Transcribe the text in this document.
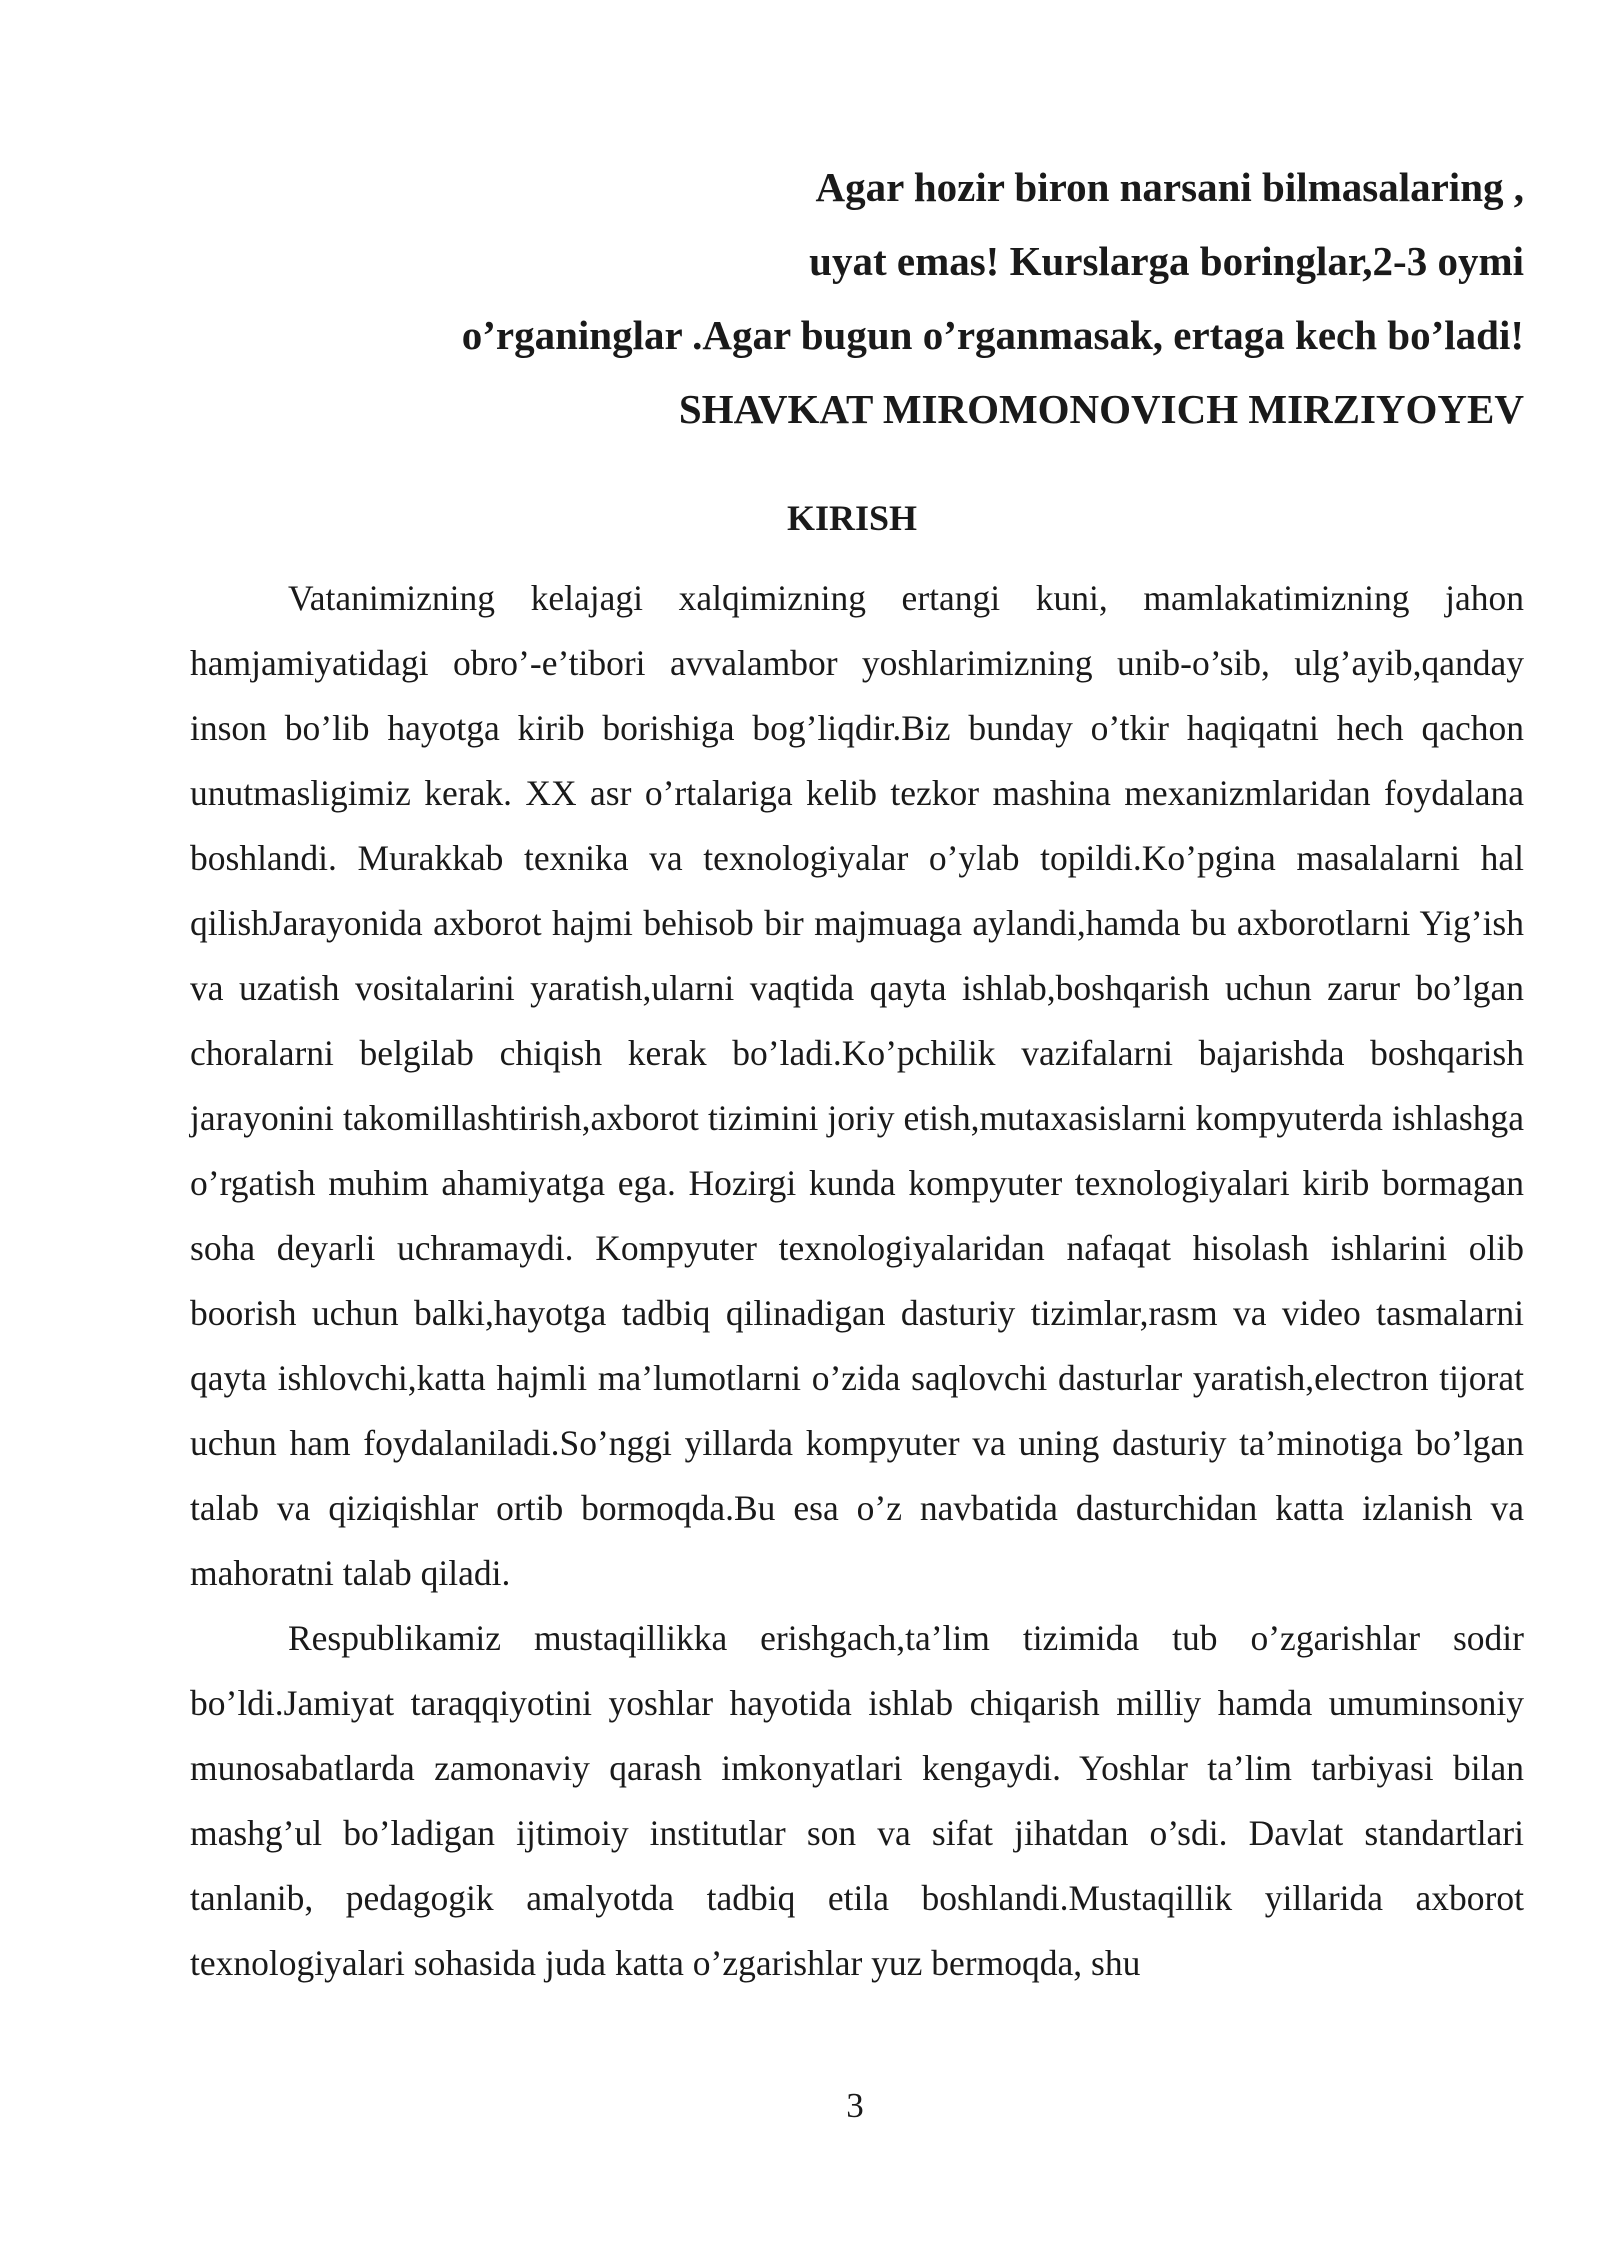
Agar hozir biron narsani bilmasalaring ,
uyat emas! Kurslarga boringlar,2-3 oymi
o’rganinglar .Agar bugun o’rganmasak, ertaga kech bo’ladi!
SHAVKAT MIROMONOVICH MIRZIYOYEV
KIRISH

Vatanimizning kelajagi xalqimizning ertangi kuni, mamlakatimizning jahon hamjamiyatidagi obro’-e’tibori avvalambor yoshlarimizning unib-o’sib, ulg’ayib,qanday inson bo’lib hayotga kirib borishiga bog’liqdir.Biz bunday o’tkir haqiqatni hech qachon unutmasligimiz kerak. XX asr o’rtalariga kelib tezkor mashina mexanizmlaridan foydalana boshlandi. Murakkab texnika va texnologiyalar o’ylab topildi.Ko’pgina masalalarni hal qilishJarayonida axborot hajmi behisob bir majmuaga aylandi,hamda bu axborotlarni Yig’ish va uzatish vositalarini yaratish,ularni vaqtida qayta ishlab,boshqarish uchun zarur bo’lgan choralarni belgilab chiqish kerak bo’ladi.Ko’pchilik vazifalarni bajarishda boshqarish jarayonini takomillashtirish,axborot tizimini joriy etish,mutaxasislarni kompyuterda ishlashga o’rgatish muhim ahamiyatga ega. Hozirgi kunda kompyuter texnologiyalari kirib bormagan soha deyarli uchramaydi. Kompyuter texnologiyalaridan nafaqat hisolash ishlarini olib boorish uchun balki,hayotga tadbiq qilinadigan dasturiy tizimlar,rasm va video tasmalarni qayta ishlovchi,katta hajmli ma’lumotlarni o’zida saqlovchi dasturlar yaratish,electron tijorat uchun ham foydalaniladi.So’nggi yillarda kompyuter va uning dasturiy ta’minotiga bo’lgan talab va qiziqishlar ortib bormoqda.Bu esa o’z navbatida dasturchidan katta izlanish va mahoratni talab qiladi.

Respublikamiz mustaqillikka erishgach,ta’lim tizimida tub o’zgarishlar sodir bo’ldi.Jamiyat taraqqiyotini yoshlar hayotida ishlab chiqarish milliy hamda umuminsoniy munosabatlarda zamonaviy qarash imkonyatlari kengaydi. Yoshlar ta’lim tarbiyasi bilan mashg’ul bo’ladigan ijtimoiy institutlar son va sifat jihatdan o’sdi. Davlat standartlari tanlanib, pedagogik amalyotda tadbiq etila boshlandi.Mustaqillik yillarida axborot texnologiyalari sohasida juda katta o’zgarishlar yuz bermoqda, shu

3
